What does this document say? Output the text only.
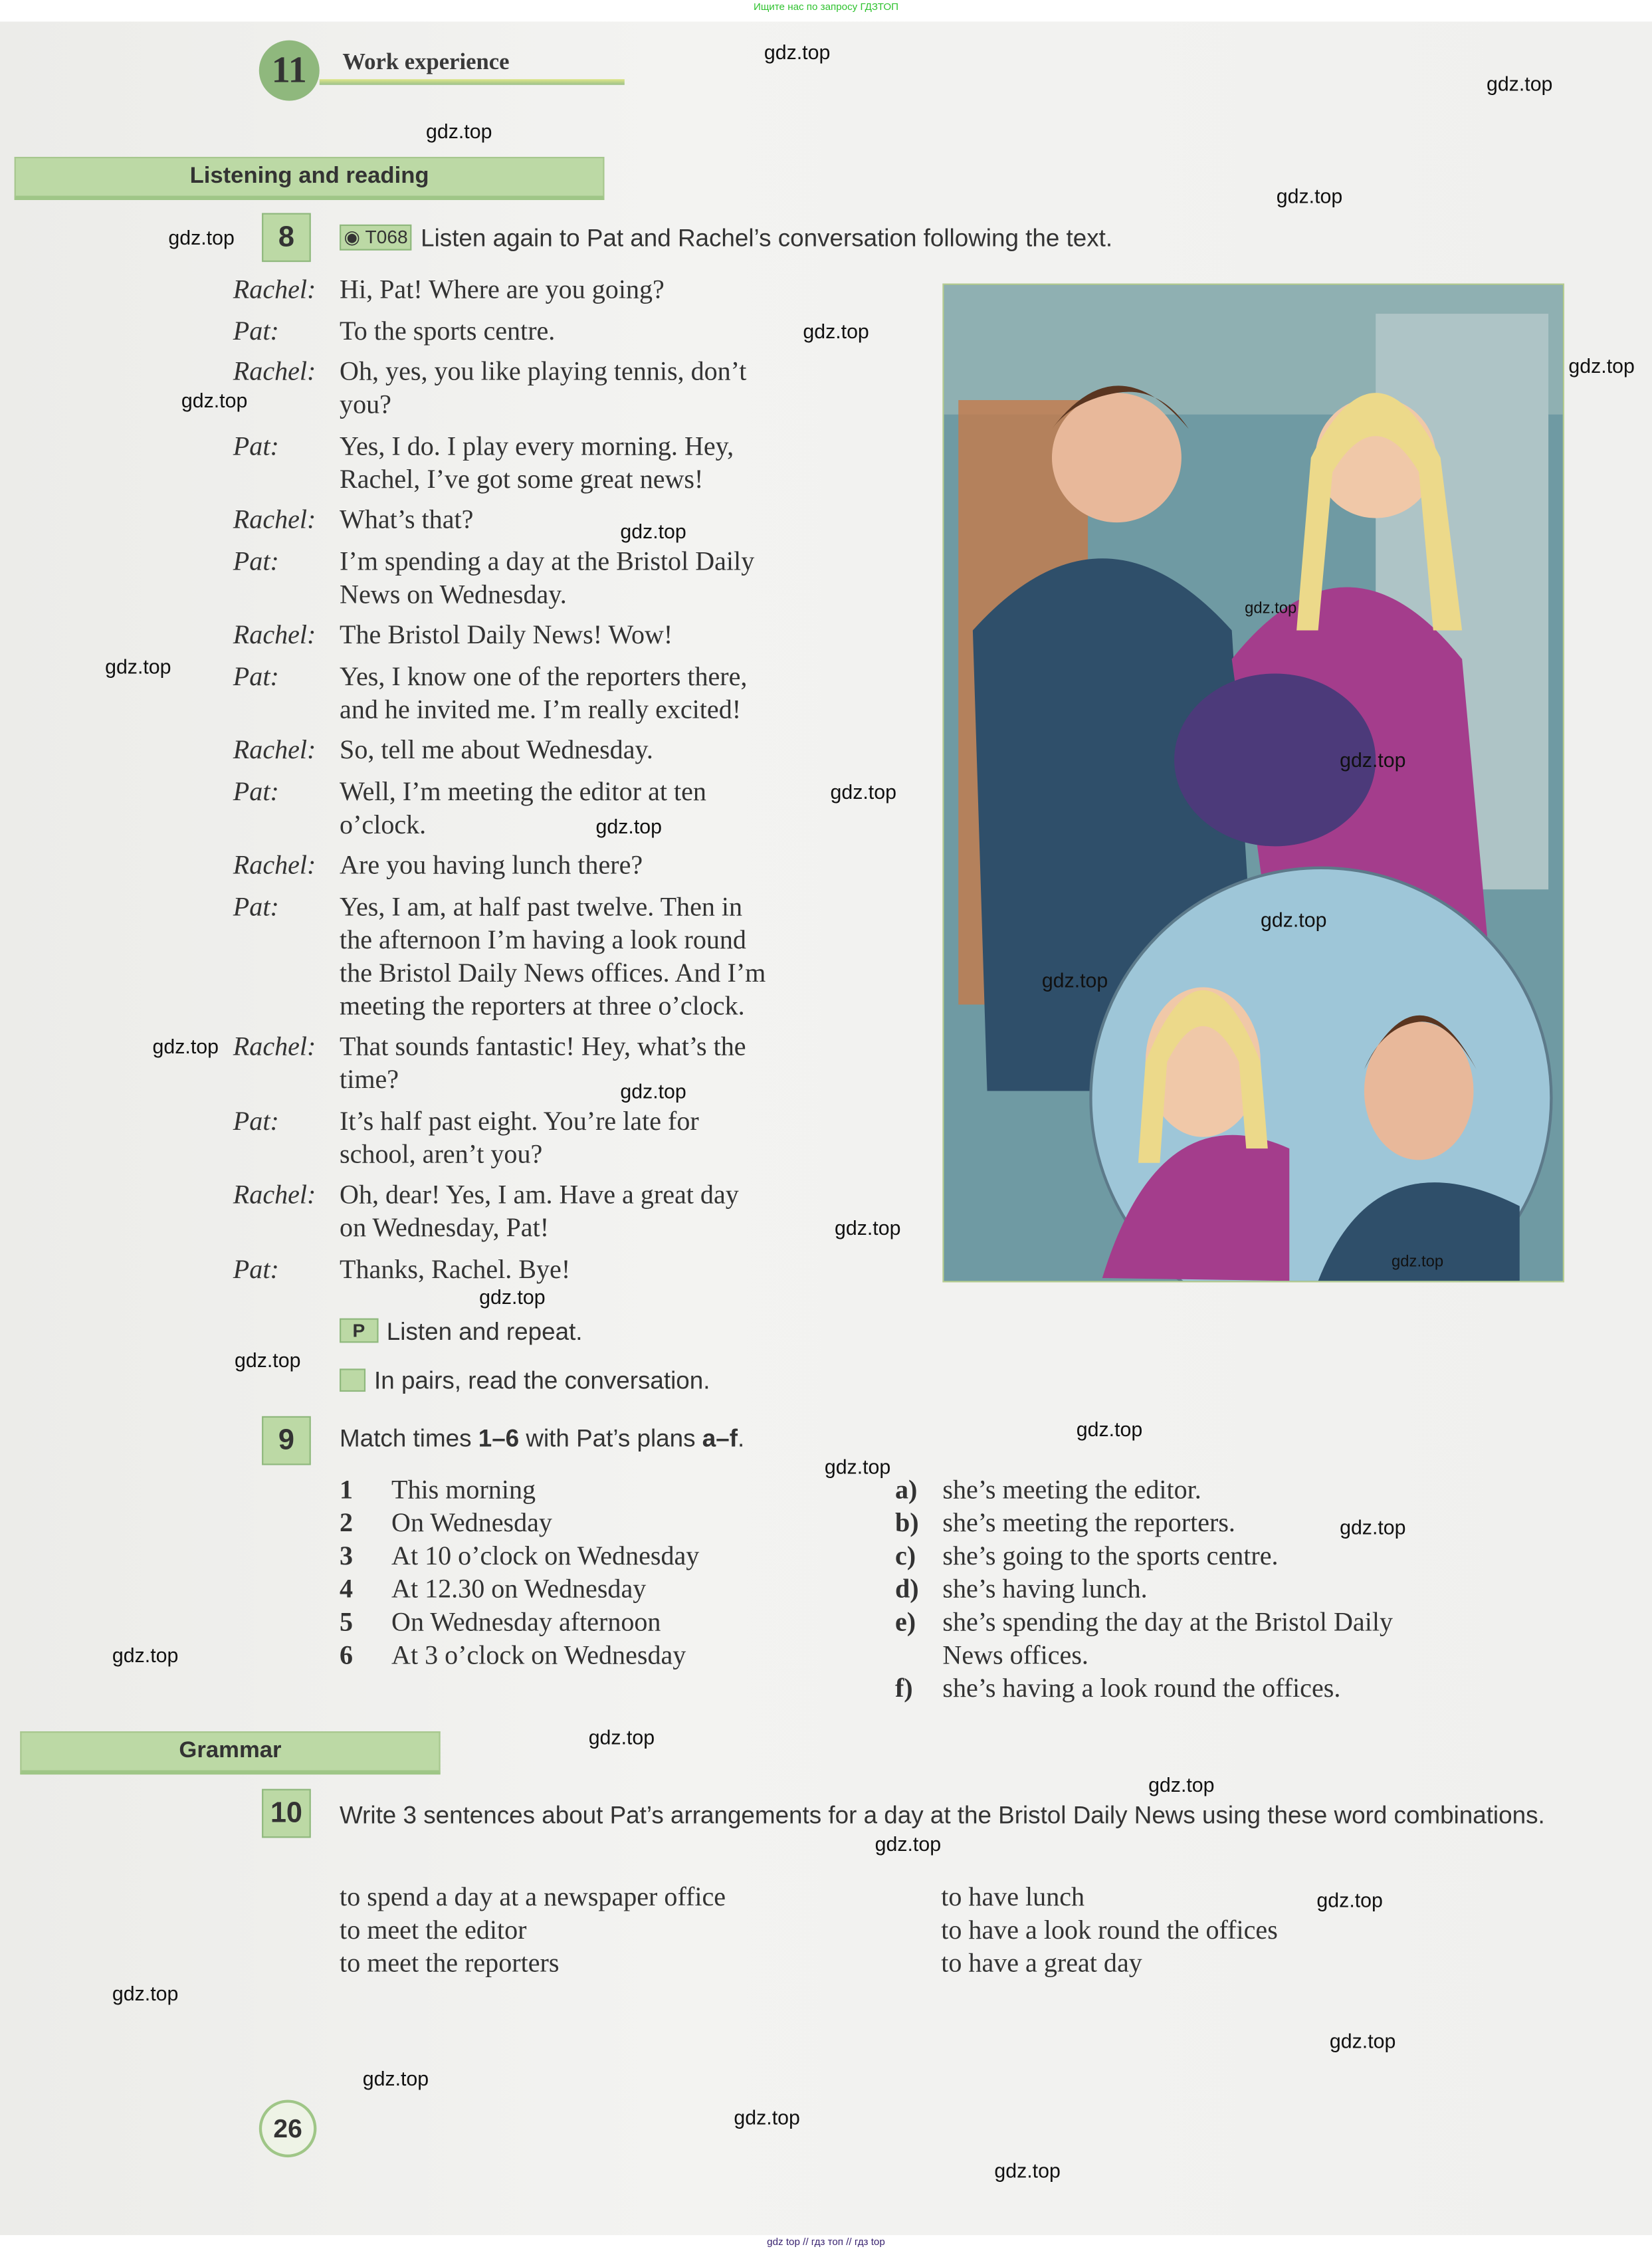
Ищите нас по запросу ГДЗТОП
11	Work experience
Listening and reading
8	◉ T068 Listen again to Pat and Rachel’s conversation following the text.
Rachel:	Hi, Pat! Where are you going?
Pat:	To the sports centre.
Rachel:	Oh, yes, you like playing tennis, don’t
you?
Pat:	Yes, I do. I play every morning. Hey,
Rachel, I’ve got some great news!
Rachel:	What’s that?
Pat:	I’m spending a day at the Bristol Daily
News on Wednesday.
Rachel:	The Bristol Daily News! Wow!
Pat:	Yes, I know one of the reporters there,
and he invited me. I’m really excited!
Rachel:	So, tell me about Wednesday.
Pat:	Well, I’m meeting the editor at ten
o’clock.
Rachel:	Are you having lunch there?
Pat:	Yes, I am, at half past twelve. Then in
the afternoon I’m having a look round
the Bristol Daily News offices. And I’m
meeting the reporters at three o’clock.
Rachel:	That sounds fantastic! Hey, what’s the
time?
Pat:	It’s half past eight. You’re late for
school, aren’t you?
Rachel:	Oh, dear! Yes, I am. Have a great day
on Wednesday, Pat!
Pat:	Thanks, Rachel. Bye!
P Listen and repeat.
In pairs, read the conversation.
9	Match times 1–6 with Pat’s plans a–f.
1	This morning
2	On Wednesday
3	At 10 o’clock on Wednesday
4	At 12.30 on Wednesday
5	On Wednesday afternoon
6	At 3 o’clock on Wednesday
a)	she’s meeting the editor.
b)	she’s meeting the reporters.
c)	she’s going to the sports centre.
d)	she’s having lunch.
e)	she’s spending the day at the Bristol Daily
News offices.
f)	she’s having a look round the offices.
Grammar
10	Write 3 sentences about Pat’s arrangements for a day at the Bristol Daily News using these word combinations.
to spend a day at a newspaper office
to meet the editor
to meet the reporters
to have lunch
to have a look round the offices
to have a great day
26
gdz.top
gdz.top
gdz.top
gdz.top
gdz.top
gdz.top
gdz.top
gdz.top
gdz.top
gdz.top
gdz.top
gdz.top
gdz.top
gdz.top
gdz.top
gdz.top
gdz.top
gdz.top
gdz.top
gdz.top
gdz.top
gdz.top
gdz.top
gdz.top
gdz.top
gdz.top
gdz.top
gdz.top
gdz.top
gdz.top
gdz.top
gdz.top
gdz.top
gdz.top
gdz.top
gdz top // гдз топ // гдз top
